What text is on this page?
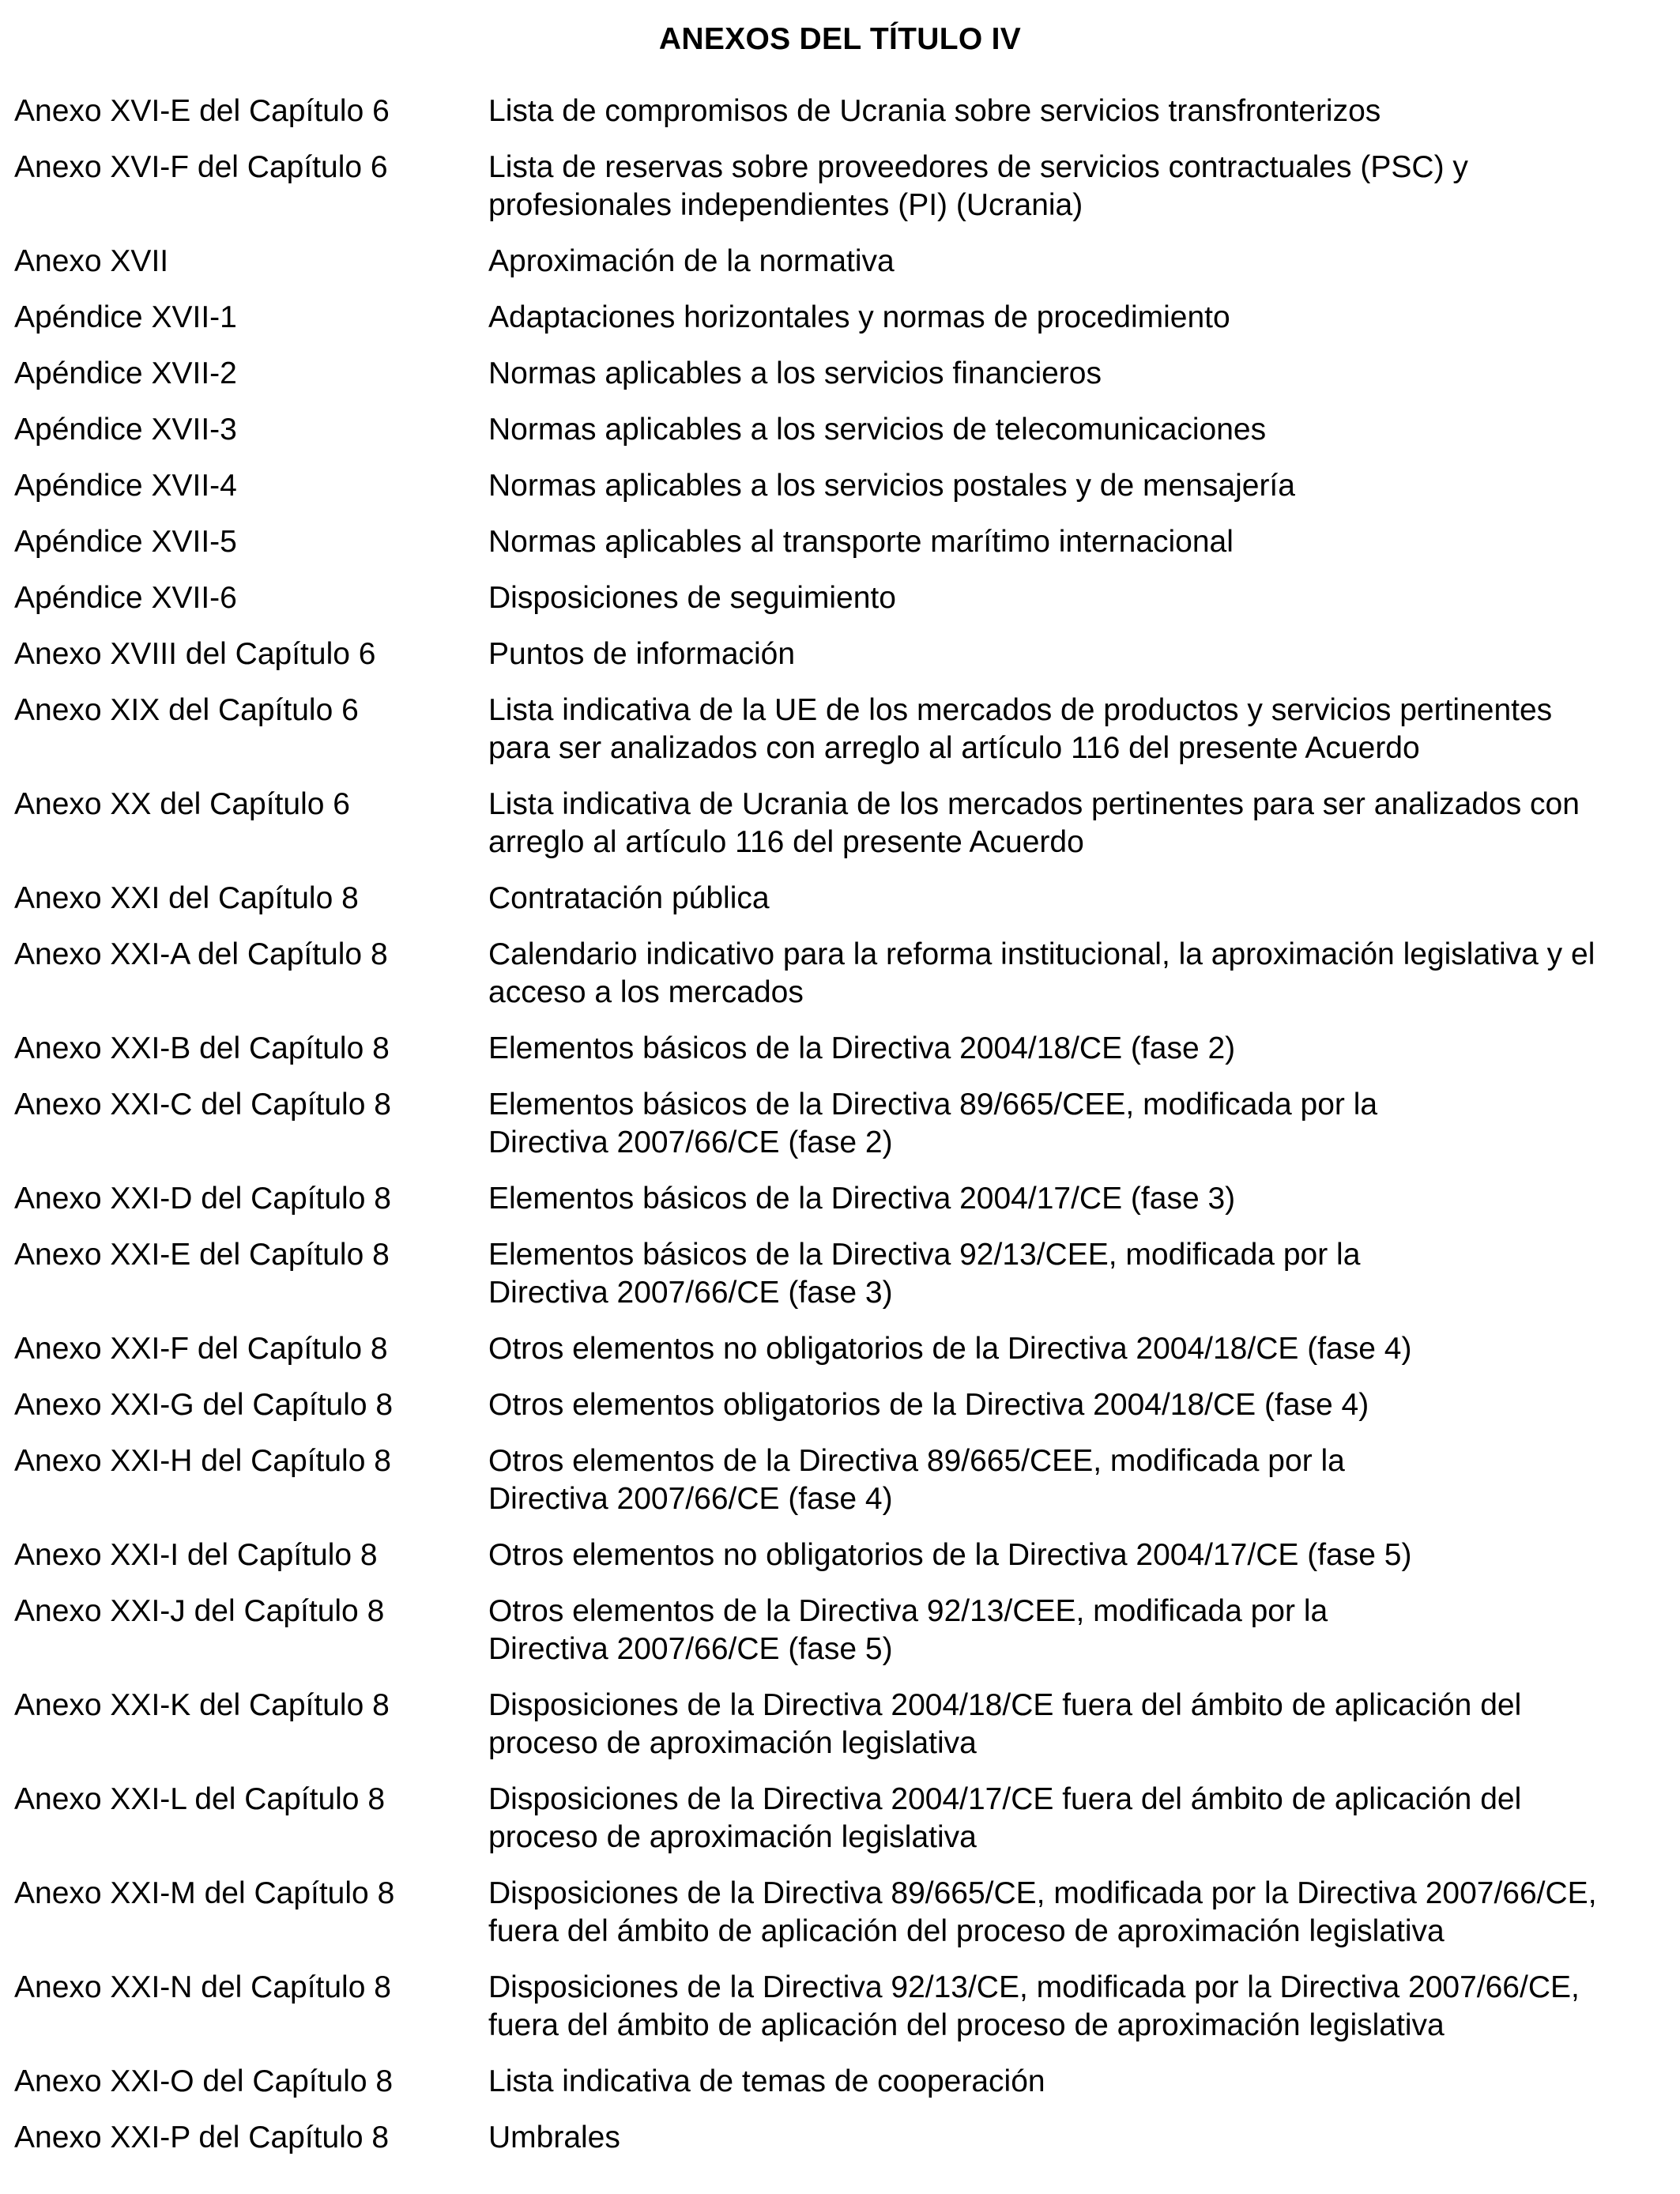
ANEXOS DEL TÍTULO IV
Anexo XVI-E del Capítulo 6	Lista de compromisos de Ucrania sobre servicios transfronterizos
Anexo XVI-F del Capítulo 6	Lista de reservas sobre proveedores de servicios contractuales (PSC) y
profesionales independientes (PI) (Ucrania)
Anexo XVII	Aproximación de la normativa
Apéndice XVII-1	Adaptaciones horizontales y normas de procedimiento
Apéndice XVII-2	Normas aplicables a los servicios financieros
Apéndice XVII-3	Normas aplicables a los servicios de telecomunicaciones
Apéndice XVII-4	Normas aplicables a los servicios postales y de mensajería
Apéndice XVII-5	Normas aplicables al transporte marítimo internacional
Apéndice XVII-6	Disposiciones de seguimiento
Anexo XVIII del Capítulo 6	Puntos de información
Anexo XIX del Capítulo 6	Lista indicativa de la UE de los mercados de productos y servicios pertinentes
para ser analizados con arreglo al artículo 116 del presente Acuerdo
Anexo XX del Capítulo 6	Lista indicativa de Ucrania de los mercados pertinentes para ser analizados con
arreglo al artículo 116 del presente Acuerdo
Anexo XXI del Capítulo 8	Contratación pública
Anexo XXI-A del Capítulo 8	Calendario indicativo para la reforma institucional, la aproximación legislativa y el
acceso a los mercados
Anexo XXI-B del Capítulo 8	Elementos básicos de la Directiva 2004/18/CE (fase 2)
Anexo XXI-C del Capítulo 8	Elementos básicos de la Directiva 89/665/CEE, modificada por la
Directiva 2007/66/CE (fase 2)
Anexo XXI-D del Capítulo 8	Elementos básicos de la Directiva 2004/17/CE (fase 3)
Anexo XXI-E del Capítulo 8	Elementos básicos de la Directiva 92/13/CEE, modificada por la
Directiva 2007/66/CE (fase 3)
Anexo XXI-F del Capítulo 8	Otros elementos no obligatorios de la Directiva 2004/18/CE (fase 4)
Anexo XXI-G del Capítulo 8	Otros elementos obligatorios de la Directiva 2004/18/CE (fase 4)
Anexo XXI-H del Capítulo 8	Otros elementos de la Directiva 89/665/CEE, modificada por la
Directiva 2007/66/CE (fase 4)
Anexo XXI-I del Capítulo 8	Otros elementos no obligatorios de la Directiva 2004/17/CE (fase 5)
Anexo XXI-J del Capítulo 8	Otros elementos de la Directiva 92/13/CEE, modificada por la
Directiva 2007/66/CE (fase 5)
Anexo XXI-K del Capítulo 8	Disposiciones de la Directiva 2004/18/CE fuera del ámbito de aplicación del
proceso de aproximación legislativa
Anexo XXI-L del Capítulo 8	Disposiciones de la Directiva 2004/17/CE fuera del ámbito de aplicación del
proceso de aproximación legislativa
Anexo XXI-M del Capítulo 8	Disposiciones de la Directiva 89/665/CE, modificada por la Directiva 2007/66/CE,
fuera del ámbito de aplicación del proceso de aproximación legislativa
Anexo XXI-N del Capítulo 8	Disposiciones de la Directiva 92/13/CE, modificada por la Directiva 2007/66/CE,
fuera del ámbito de aplicación del proceso de aproximación legislativa
Anexo XXI-O del Capítulo 8	Lista indicativa de temas de cooperación
Anexo XXI-P del Capítulo 8	Umbrales
